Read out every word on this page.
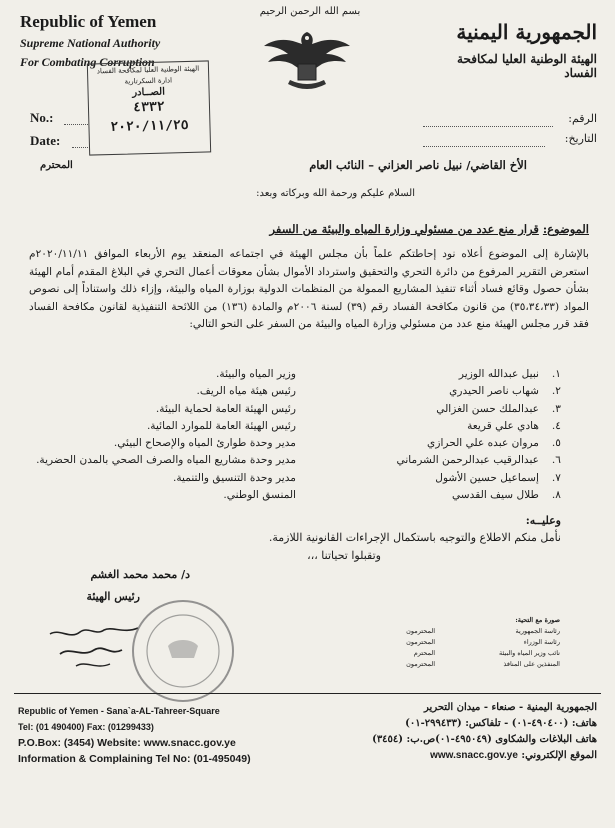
Republic of Yemen
Supreme National Authority
For Combating Corruption
بسم الله الرحمن الرحيم
الجمهورية اليمنية
الهيئة الوطنية العليا لمكافحة الفساد
الهيئة الوطنية العليا لمكافحة الفساد
ادارة السكرتارية
الصــادر
٤٣٣٢
٢٠٢٠/١١/٢٥
No.:
Date:
الرقم:
التاريخ:
الأخ القاضي/ نبيل ناصر العزاني – النائب العام
المحترم
السلام عليكم ورحمة الله وبركاته وبعد:
الموضوع: قرار منع عدد من مسئولي وزارة المياه والبيئة من السفر
بالإشارة إلى الموضوع أعلاه نود إحاطتكم علماً بأن مجلس الهيئة في اجتماعه المنعقد يوم الأربعاء الموافق ٢٠٢٠/١١/١١م استعرض التقرير المرفوع من دائرة التحري والتحقيق واسترداد الأموال بشأن معوقات أعمال التحري في البلاغ المقدم أمام الهيئة بشأن حصول وقائع فساد أثناء تنفيذ المشاريع الممولة من المنظمات الدولية بوزارة المياه والبيئة، وإزاء ذلك واستناداً إلى نصوص المواد (٣٥،٣٤،٣٣) من قانون مكافحة الفساد رقم (٣٩) لسنة ٢٠٠٦م والمادة (١٣٦) من اللائحة التنفيذية لقانون مكافحة الفساد فقد قرر مجلس الهيئة منع عدد من مسئولي وزارة المياه والبيئة من السفر على النحو التالي:
١.
نبيل عبدالله الوزير
وزير المياه والبيئة.
٢.
شهاب ناصر الحيدري
رئيس هيئة مياه الريف.
٣.
عبدالملك حسن الغزالي
رئيس الهيئة العامة لحماية البيئة.
٤.
هادي علي قريعة
رئيس الهيئة العامة للموارد المائية.
٥.
مروان عبده علي الحرازي
مدير وحدة طوارئ المياه والإصحاح البيئي.
٦.
عبدالرقيب عبدالرحمن الشرماني
مدير وحدة مشاريع المياه والصرف الصحي بالمدن الحضرية.
٧.
إسماعيل حسين الأشول
مدير وحدة التنسيق والتنمية.
٨.
طلال سيف القدسي
المنسق الوطني.
وعليــه:
نأمل منكم الاطلاع والتوجيه باستكمال الإجراءات القانونية اللازمة.
وتقبلوا تحياتنا ،،،
د/ محمد محمد الغشم
رئيس الهيئة
صورة مع التحية:
رئاسة الجمهورية
المحترمون
رئاسة الوزراء
المحترمون
نائب وزير المياه والبيئة
المحترم
المنفذين على المنافذ
المحترمون
Republic of Yemen - Sana`a-AL-Tahreer-Square
Tel: (01 490400) Fax: (01299433)
P.O.Box: (3454) Website: www.snacc.gov.ye
Information & Complaining Tel No: (01-495049)
الجمهورية اليمنية - صنعاء - ميدان التحرير
هاتف: (٤٩٠٤٠٠-٠١) - تلفاكس: (٢٩٩٤٣٣-٠١)
هاتف البلاغات والشكاوى (٤٩٥٠٤٩-٠١)ص.ب: (٣٤٥٤)
الموقع الإلكتروني: www.snacc.gov.ye
